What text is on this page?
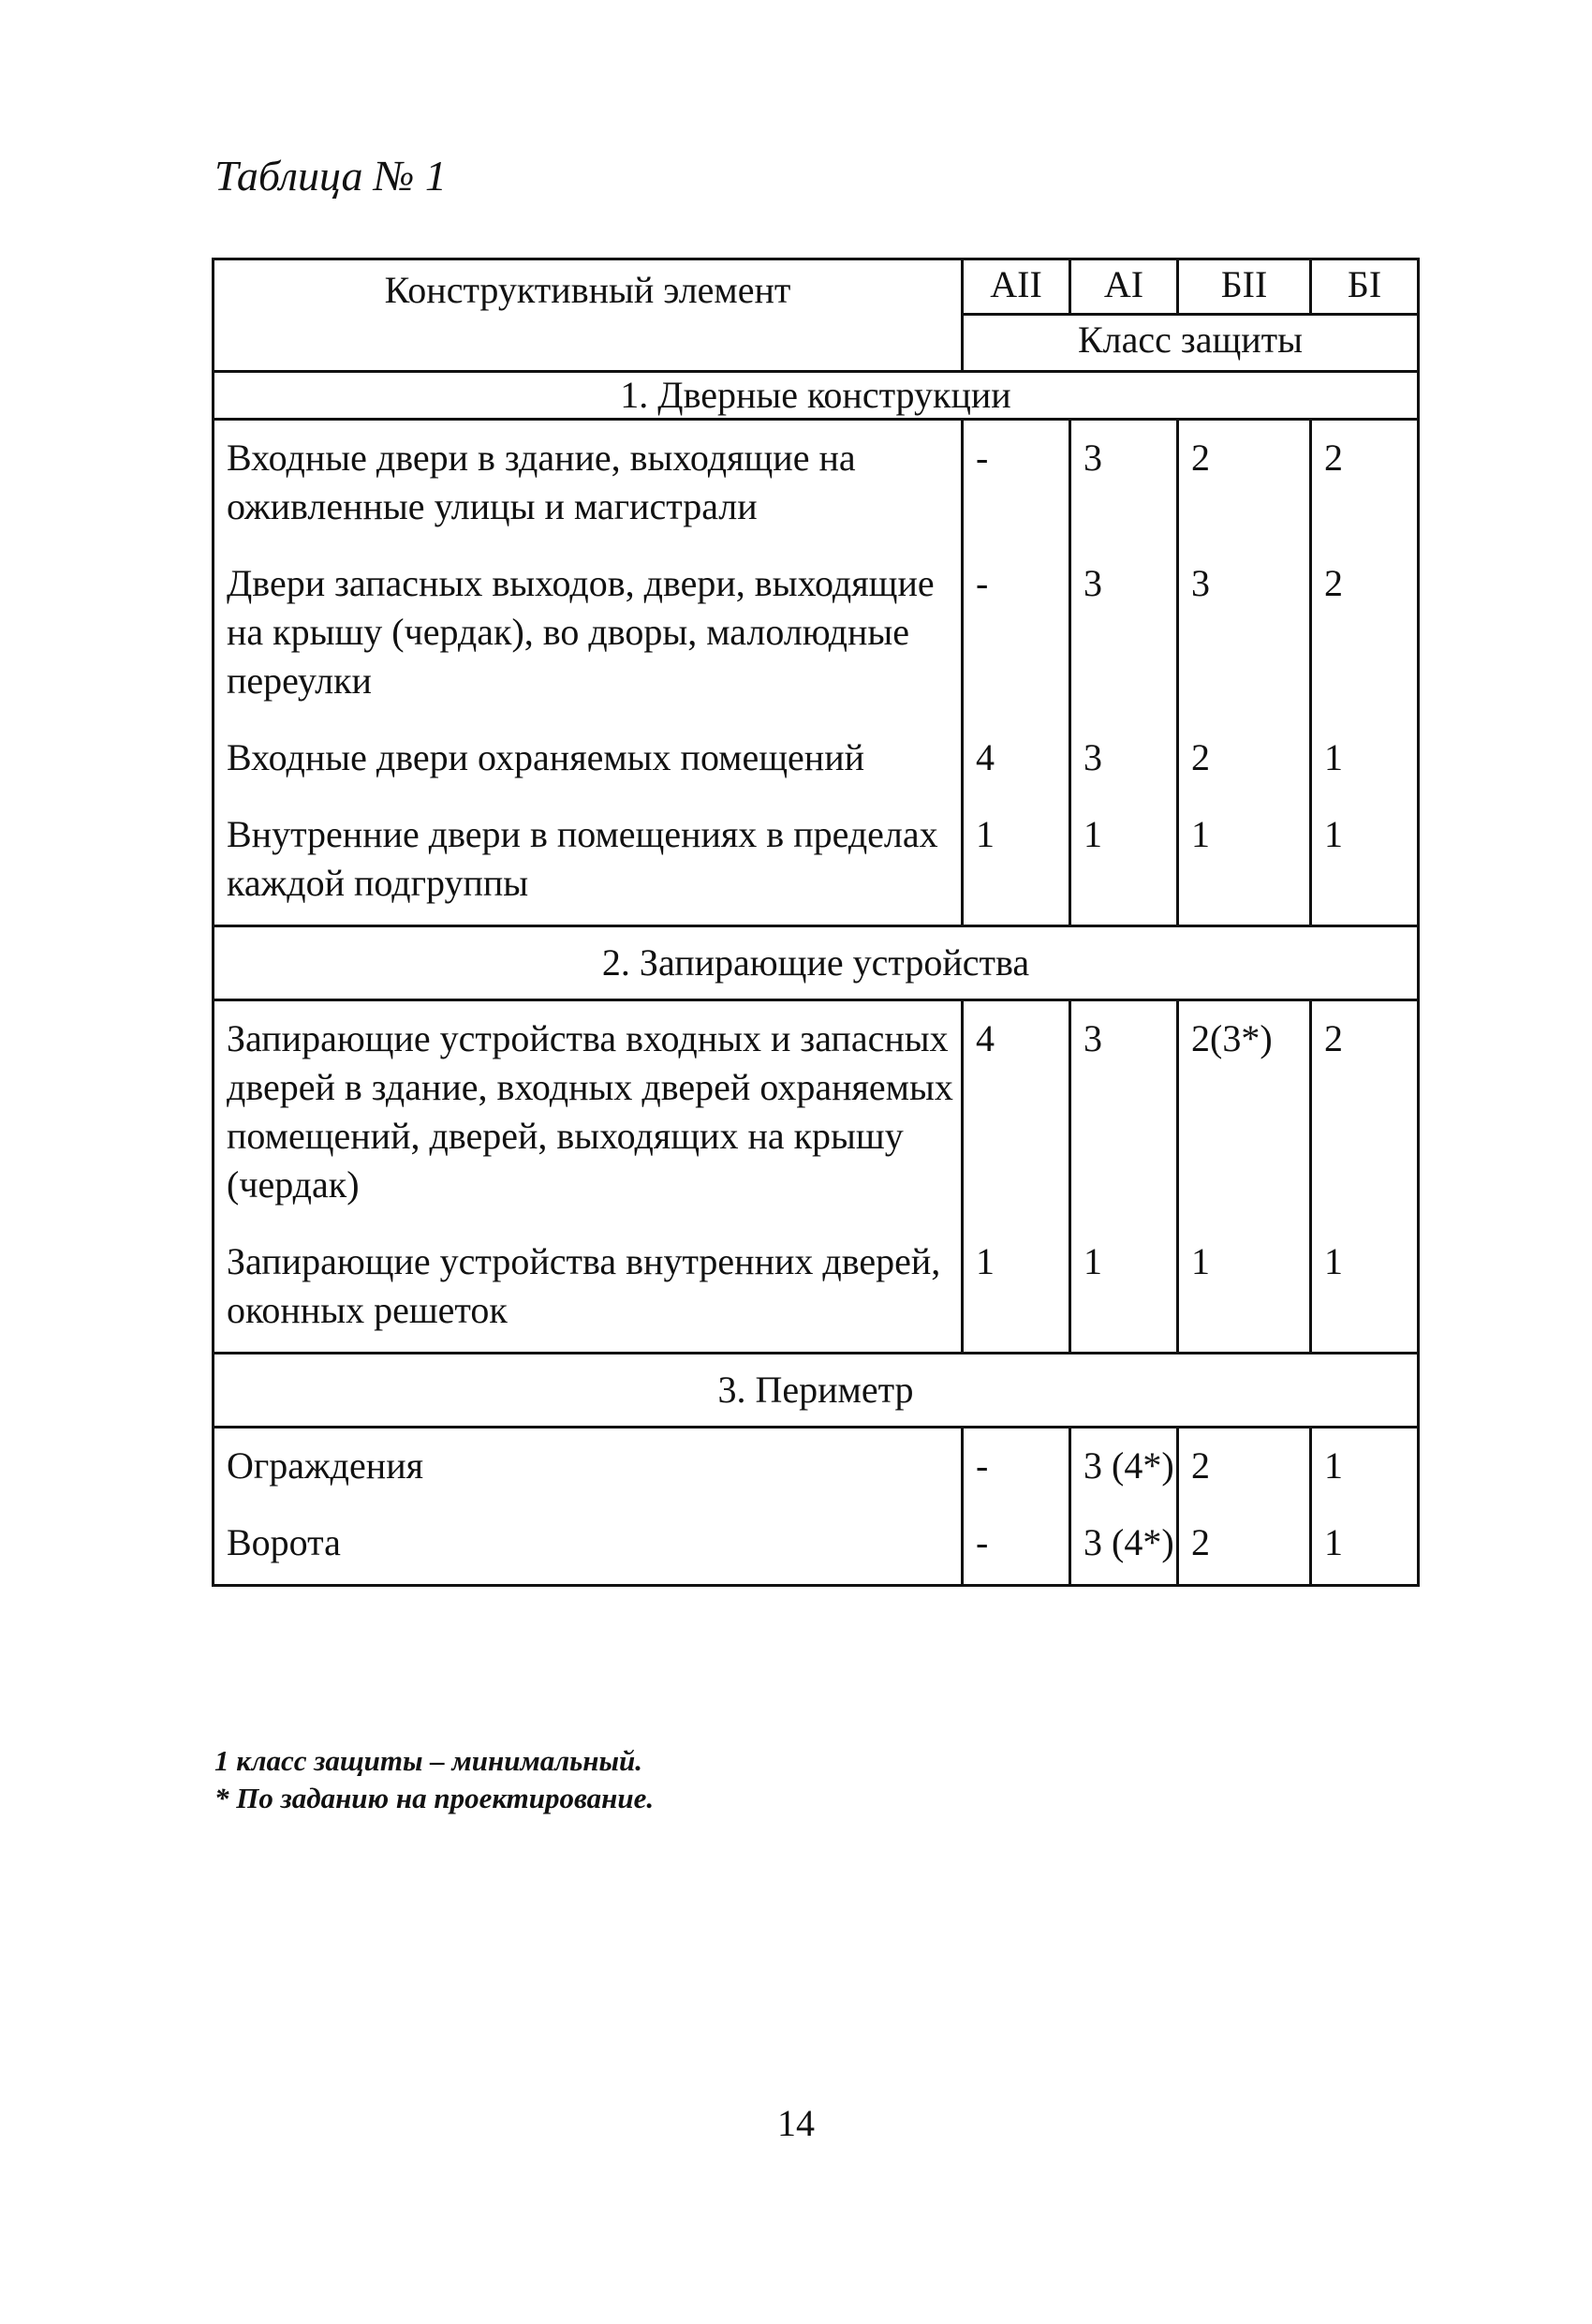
Таблица № 1
Конструктивный элемент	АII	АI	БII	БI
	Класс защиты			
1. Дверные конструкции				
Входные двери в здание, выходящие на оживленные улицы и магистрали	-	3	2	2
Двери запасных выходов, двери, выходящие на крышу (чердак), во дворы, малолюдные переулки	-	3	3	2
Входные двери охраняемых помещений	4	3	2	1
Внутренние двери в помещениях в пределах каждой подгруппы	1	1	1	1
2. Запирающие устройства				
Запирающие устройства входных и запасных дверей в здание, входных дверей охраняемых помещений, дверей, выходящих на крышу (чердак)	4	3	2(3*)	2
Запирающие устройства внутренних дверей, оконных решеток	1	1	1	1
3. Периметр				
Ограждения	-	3 (4*)	2	1
Ворота	-	3 (4*)	2	1
1 класс защиты – минимальный.
* По заданию на проектирование.
14
